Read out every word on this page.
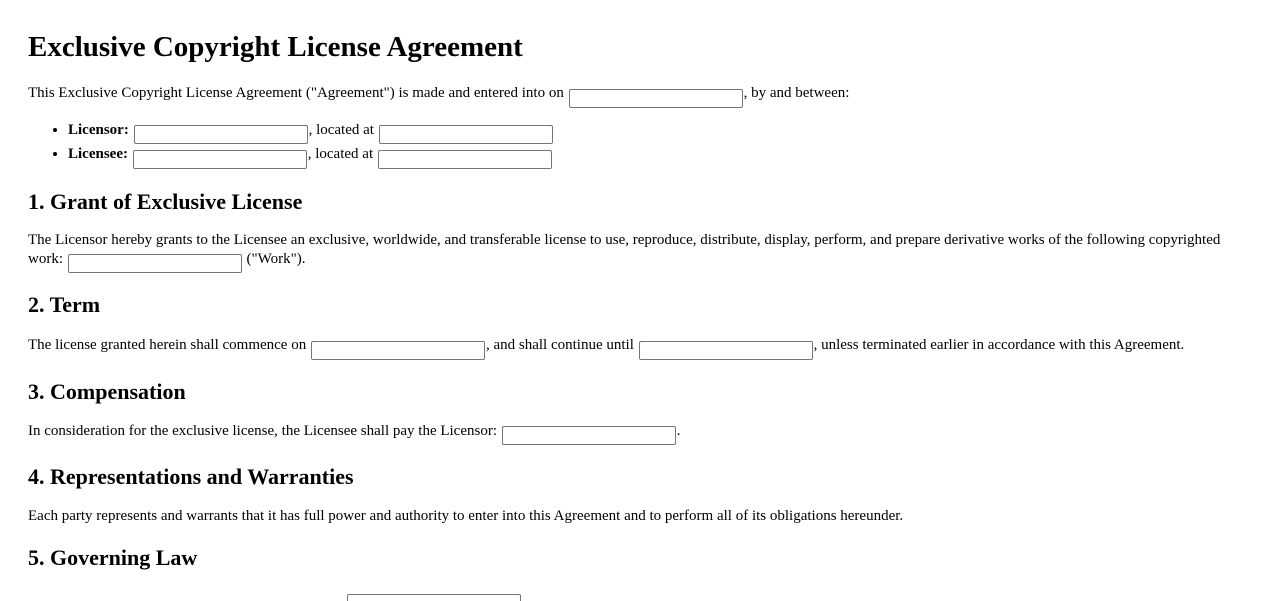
Exclusive Copyright License Agreement

This Exclusive Copyright License Agreement ("Agreement") is made and entered into on	, by and between:

• Licensor:	, located at
• Licensee:	, located at
1. Grant of Exclusive License

The Licensor hereby grants to the Licensee an exclusive, worldwide, and transferable license to use, reproduce, distribute, display, perform, and prepare derivative works of the following copyrighted work:	("Work").

2. Term

The license granted herein shall commence on	, and shall continue until	, unless terminated earlier in accordance with this Agreement.

3. Compensation

In consideration for the exclusive license, the Licensee shall pay the Licensor:	.

4. Representations and Warranties

Each party represents and warrants that it has full power and authority to enter into this Agreement and to perform all of its obligations hereunder.

5. Governing Law
